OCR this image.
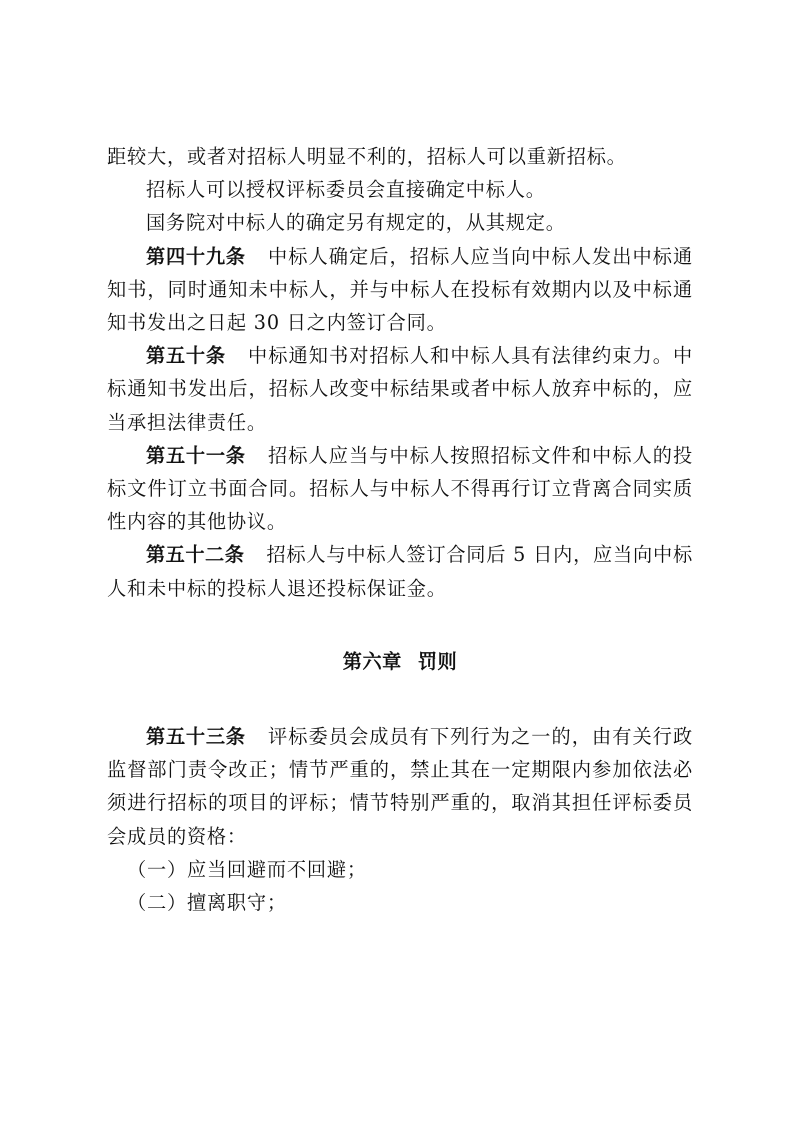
距较大，或者对招标人明显不利的，招标人可以重新招标。

招标人可以授权评标委员会直接确定中标人。

国务院对中标人的确定另有规定的，从其规定。

第四十九条 中标人确定后，招标人应当向中标人发出中标通知书，同时通知未中标人，并与中标人在投标有效期内以及中标通知书发出之日起 30 日之内签订合同。

第五十条 中标通知书对招标人和中标人具有法律约束力。中标通知书发出后，招标人改变中标结果或者中标人放弃中标的，应当承担法律责任。

第五十一条 招标人应当与中标人按照招标文件和中标人的投标文件订立书面合同。招标人与中标人不得再行订立背离合同实质性内容的其他协议。

第五十二条 招标人与中标人签订合同后 5 日内，应当向中标人和未中标的投标人退还投标保证金。

第六章 罚则

第五十三条 评标委员会成员有下列行为之一的，由有关行政监督部门责令改正；情节严重的，禁止其在一定期限内参加依法必须进行招标的项目的评标；情节特别严重的，取消其担任评标委员会成员的资格：

（一）应当回避而不回避；

（二）擅离职守；
